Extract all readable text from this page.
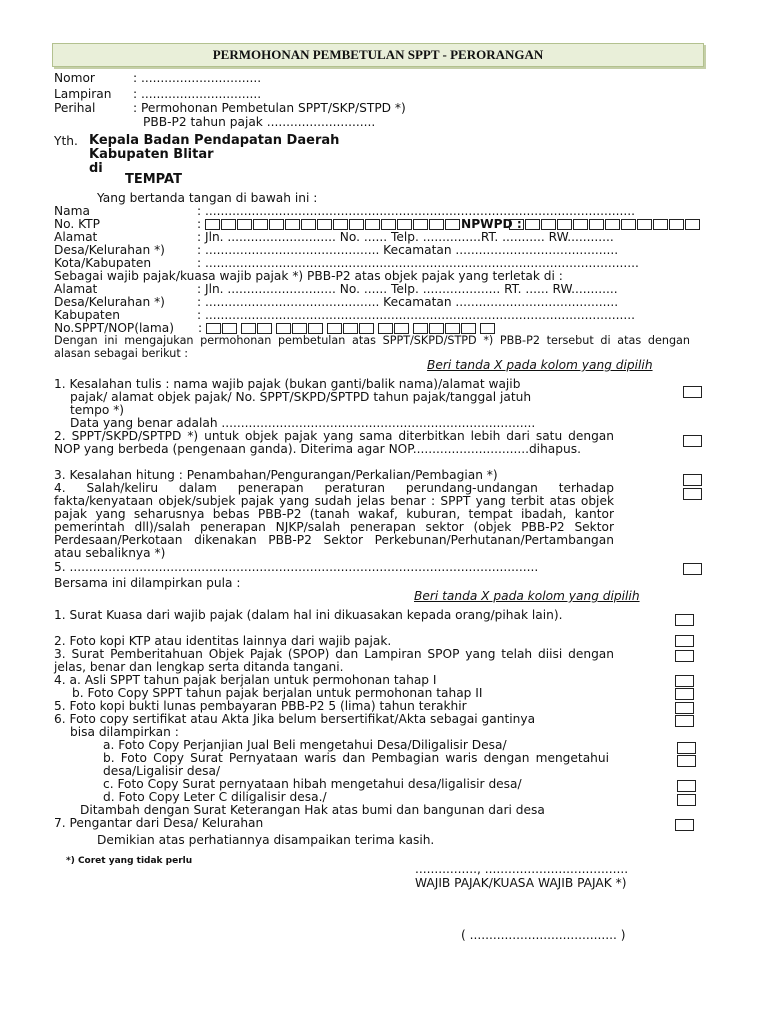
PERMOHONAN PEMBETULAN SPPT - PERORANGAN
Nomor	: ...............................
Lampiran : ...............................
Perihal	: Permohonan Pembetulan SPPT/SKP/STPD *)
PBB-P2 tahun pajak ............................
Yth. Kepala Badan Pendapatan Daerah
Kabupaten Blitar
di
TEMPAT
Yang bertanda tangan di bawah ini :
Nama	: ...............................................................................................................
No. KTP	:	NPWPD :
Alamat	: Jln. ............................ No. ...... Telp. ...............RT. ........... RW............
Desa/Kelurahan *)	: ............................................. Kecamatan ..........................................
Kota/Kabupaten	: ................................................................................................................
Sebagai wajib pajak/kuasa wajib pajak *) PBB-P2 atas objek pajak yang terletak di :
Alamat	: Jln. ............................ No. ...... Telp. .................... RT. ...... RW............
Desa/Kelurahan *)	: ............................................. Kecamatan ..........................................
Kabupaten	: ...............................................................................................................
No.SPPT/NOP(lama) :
Dengan ini mengajukan permohonan pembetulan atas SPPT/SKPD/STPD *) PBB-P2 tersebut di atas dengan alasan sebagai berikut :
Beri tanda X pada kolom yang dipilih
1. Kesalahan tulis : nama wajib pajak (bukan ganti/balik nama)/alamat wajib
pajak/ alamat objek pajak/ No. SPPT/SKPD/SPTPD tahun pajak/tanggal jatuh
tempo *)
Data yang benar adalah .................................................................................
2. SPPT/SKPD/SPTPD *) untuk objek pajak yang sama diterbitkan lebih dari satu dengan NOP yang berbeda (pengenaan ganda). Diterima agar NOP..............................dihapus.
3. Kesalahan hitung : Penambahan/Pengurangan/Perkalian/Pembagian *)
4. Salah/keliru dalam penerapan peraturan perundang-undangan terhadap fakta/kenyataan objek/subjek pajak yang sudah jelas benar : SPPT yang terbit atas objek pajak yang seharusnya bebas PBB-P2 (tanah wakaf, kuburan, tempat ibadah, kantor pemerintah dll)/salah penerapan NJKP/salah penerapan sektor (objek PBB-P2 Sektor Perdesaan/Perkotaan dikenakan PBB-P2 Sektor Perkebunan/Perhutanan/Pertambangan atau sebaliknya *)
5. .........................................................................................................................
Bersama ini dilampirkan pula :
Beri tanda X pada kolom yang dipilih
1. Surat Kuasa dari wajib pajak (dalam hal ini dikuasakan kepada orang/pihak lain).
2. Foto kopi KTP atau identitas lainnya dari wajib pajak.
3. Surat Pemberitahuan Objek Pajak (SPOP) dan Lampiran SPOP yang telah diisi dengan jelas, benar dan lengkap serta ditanda tangani.
4. a. Asli SPPT tahun pajak berjalan untuk permohonan tahap I
b. Foto Copy SPPT tahun pajak berjalan untuk permohonan tahap II
5. Foto kopi bukti lunas pembayaran PBB-P2 5 (lima) tahun terakhir
6. Foto copy sertifikat atau Akta Jika belum bersertifikat/Akta sebagai gantinya
bisa dilampirkan :
a. Foto Copy Perjanjian Jual Beli mengetahui Desa/Diligalisir Desa/
b. Foto Copy Surat Pernyataan waris dan Pembagian waris dengan mengetahui desa/Ligalisir desa/
c. Foto Copy Surat pernyataan hibah mengetahui desa/ligalisir desa/
d. Foto Copy Leter C diligalisir desa./
Ditambah dengan Surat Keterangan Hak atas bumi dan bangunan dari desa
7. Pengantar dari Desa/ Kelurahan
Demikian atas perhatiannya disampaikan terima kasih.
*) Coret yang tidak perlu
................, .....................................
WAJIB PAJAK/KUASA WAJIB PAJAK *)
( ...................................... )
